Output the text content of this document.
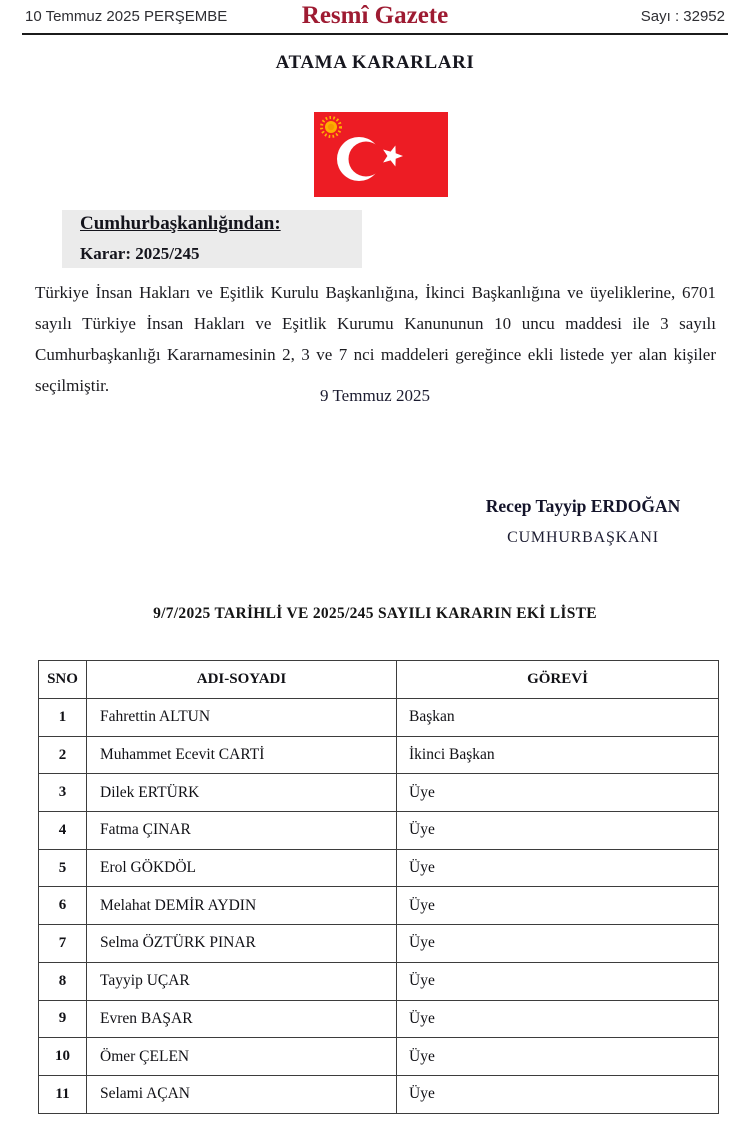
10 Temmuz 2025 PERŞEMBE	Resmî Gazete	Sayı : 32952
ATAMA KARARLARI
Cumhurbaşkanlığından:
Karar: 2025/245
Türkiye İnsan Hakları ve Eşitlik Kurulu Başkanlığına, İkinci Başkanlığına ve üyeliklerine, 6701 sayılı Türkiye İnsan Hakları ve Eşitlik Kurumu Kanununun 10 uncu maddesi ile 3 sayılı Cumhurbaşkanlığı Kararnamesinin 2, 3 ve 7 nci maddeleri gereğince ekli listede yer alan kişiler seçilmiştir.
9 Temmuz 2025
Recep Tayyip ERDOĞAN
CUMHURBAŞKANI
9/7/2025 TARİHLİ VE 2025/245 SAYILI KARARIN EKİ LİSTE
SNO	ADI-SOYADI	GÖREVİ
1	Fahrettin ALTUN	Başkan
2	Muhammet Ecevit CARTİ	İkinci Başkan
3	Dilek ERTÜRK	Üye
4	Fatma ÇINAR	Üye
5	Erol GÖKDÖL	Üye
6	Melahat DEMİR AYDIN	Üye
7	Selma ÖZTÜRK PINAR	Üye
8	Tayyip UÇAR	Üye
9	Evren BAŞAR	Üye
10	Ömer ÇELEN	Üye
11	Selami AÇAN	Üye
